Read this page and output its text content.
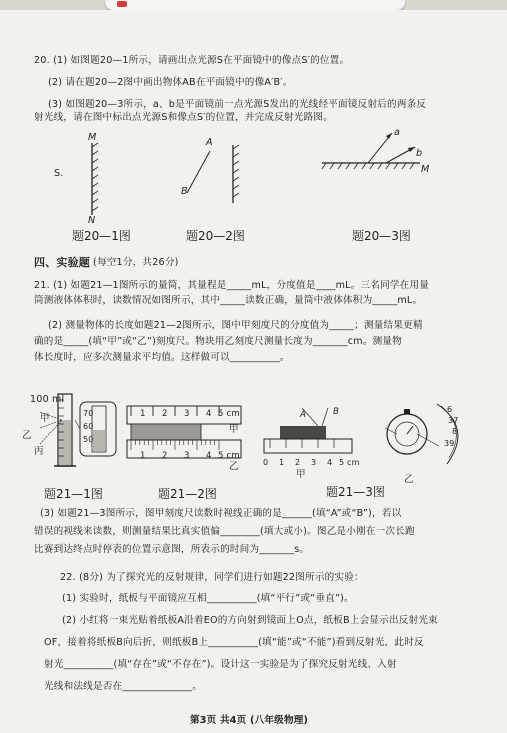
20. (1) 如图题20—1所示，请画出点光源S在平面镜中的像点S′的位置。
(2) 请在题20—2图中画出物体AB在平面镜中的像A′B′。
(3) 如图题20—3所示，a、b是平面镜前一点光源S发出的光线经平面镜反射后的两条反
射光线，请在图中标出点光源S和像点S′的位置，并完成反射光路图。
M
N
S.
题20—1图
A
B
题20—2图
a
b
M
题20—3图
四、实验题 (每空1分，共26分)
21. (1) 如题21—1图所示的量筒，其量程是_____mL，分度值是____mL。三名同学在用量
筒测液体体积时，读数情况如图所示，其中_____读数正确，量筒中液体体积为_____mL。
(2) 测量物体的长度如题21—2图所示，图中甲刻度尺的分度值为_____；测量结果更精
确的是_____(填“甲”或“乙”)刻度尺。物块用乙刻度尺测量长度为_______cm。测量物
体长度时，应多次测量求平均值。这样做可以__________。
100 ml
甲
乙
丙
70
60
50
题21—1图
1 2 3 4 5 cm
甲
1 2 3 4 5 cm
乙
题21—2图
A	B
0 1 2 3 4 5 cm
甲
6
37
8
39
乙
题21—3图
(3) 如题21—3图所示，图甲刻度尺读数时视线正确的是______(填“A”或“B”)，若以
错误的视线来读数，则测量结果比真实值偏________(填大或小)。图乙是小刚在一次长跑
比赛到达终点时停表的位置示意图，所表示的时间为_______s。
22. (8分) 为了探究光的反射规律，同学们进行如题22图所示的实验：
(1) 实验时，纸板与平面镜应互相__________(填“平行”或“垂直”)。
(2) 小红将一束光贴着纸板A沿着EO的方向射到镜面上O点，纸板B上会显示出反射光束
OF，接着将纸板B向后折，则纸板B上__________(填“能”或“不能”)看到反射光，此时反
射光__________(填“存在”或“不存在”)。设计这一实验是为了探究反射光线、入射
光线和法线是否在______________。
第3页 共4页 (八年级物理)
